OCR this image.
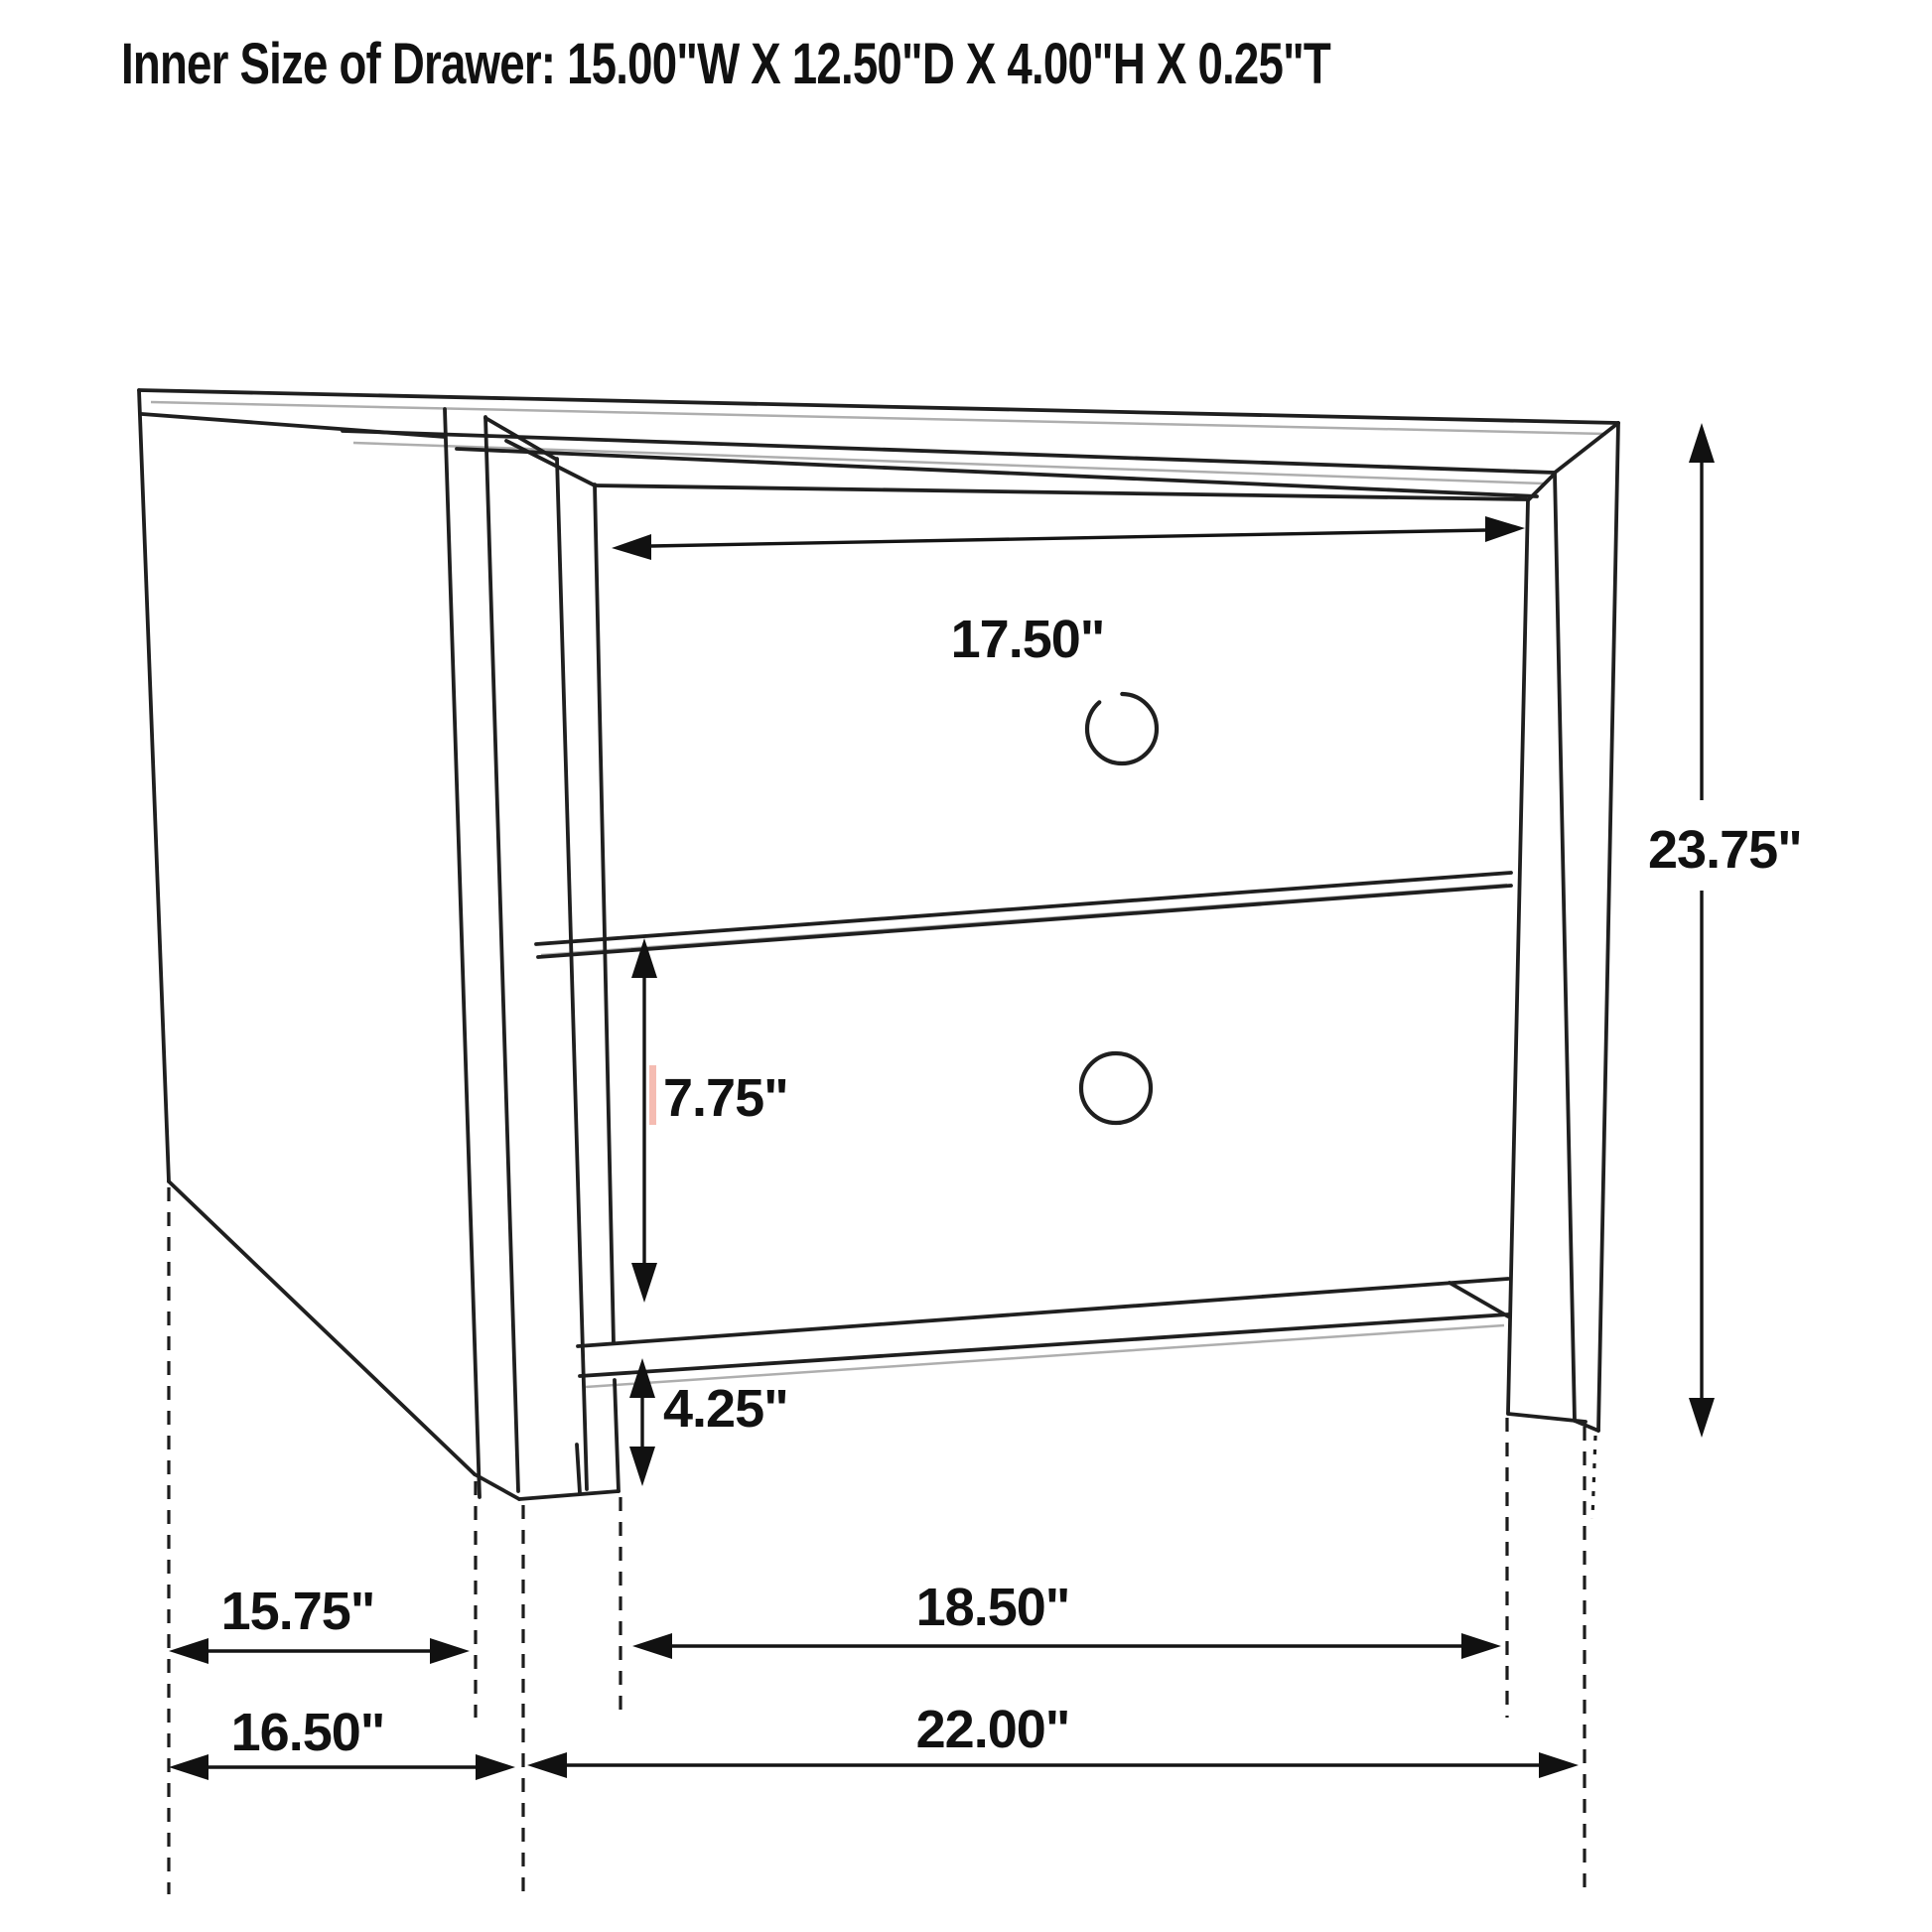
Inner Size of Drawer: 15.00"W X 12.50"D X 4.00"H X 0.25"T
17.50"
23.75"
7.75"
4.25"
15.75"
16.50"
18.50"
22.00"
